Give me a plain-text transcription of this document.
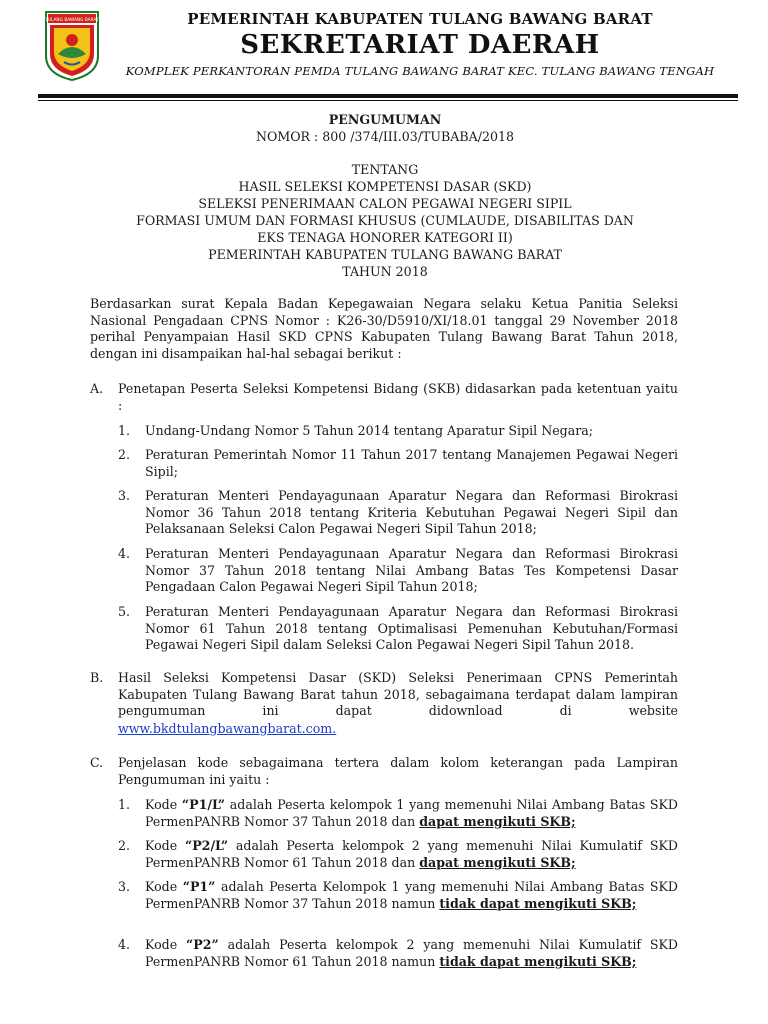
TULANG BAWANG BARAT	PEMERINTAH KABUPATEN TULANG BAWANG BARAT
SEKRETARIAT DAERAH
KOMPLEK PERKANTORAN PEMDA TULANG BAWANG BARAT KEC. TULANG BAWANG TENGAH
PENGUMUMAN
NOMOR : 800 /374/III.03/TUBABA/2018
TENTANG
HASIL SELEKSI KOMPETENSI DASAR (SKD)
SELEKSI PENERIMAAN CALON PEGAWAI NEGERI SIPIL
FORMASI UMUM DAN FORMASI KHUSUS (CUMLAUDE, DISABILITAS DAN
EKS TENAGA HONORER KATEGORI II)
PEMERINTAH KABUPATEN TULANG BAWANG BARAT
TAHUN 2018
Berdasarkan surat Kepala Badan Kepegawaian Negara selaku Ketua Panitia Seleksi Nasional Pengadaan CPNS Nomor : K26-30/D5910/XI/18.01 tanggal 29 November 2018 perihal Penyampaian Hasil SKD CPNS Kabupaten Tulang Bawang Barat Tahun 2018, dengan ini disampaikan hal-hal sebagai berikut :
A. Penetapan Peserta Seleksi Kompetensi Bidang (SKB) didasarkan pada ketentuan yaitu :
1. Undang-Undang Nomor 5 Tahun 2014 tentang Aparatur Sipil Negara;
2. Peraturan Pemerintah Nomor 11 Tahun 2017 tentang Manajemen Pegawai Negeri Sipil;
3. Peraturan Menteri Pendayagunaan Aparatur Negara dan Reformasi Birokrasi Nomor 36 Tahun 2018 tentang Kriteria Kebutuhan Pegawai Negeri Sipil dan Pelaksanaan Seleksi Calon Pegawai Negeri Sipil Tahun 2018;
4. Peraturan Menteri Pendayagunaan Aparatur Negara dan Reformasi Birokrasi Nomor 37 Tahun 2018 tentang Nilai Ambang Batas Tes Kompetensi Dasar Pengadaan Calon Pegawai Negeri Sipil Tahun 2018;
5. Peraturan Menteri Pendayagunaan Aparatur Negara dan Reformasi Birokrasi Nomor 61 Tahun 2018 tentang Optimalisasi Pemenuhan Kebutuhan/Formasi Pegawai Negeri Sipil dalam Seleksi Calon Pegawai Negeri Sipil Tahun 2018.
B. Hasil Seleksi Kompetensi Dasar (SKD) Seleksi Penerimaan CPNS Pemerintah Kabupaten Tulang Bawang Barat tahun 2018, sebagaimana terdapat dalam lampiran pengumuman ini dapat didownload di website
www.bkdtulangbawangbarat.com.
C. Penjelasan kode sebagaimana tertera dalam kolom keterangan pada Lampiran Pengumuman ini yaitu :
1. Kode “P1/L” adalah Peserta kelompok 1 yang memenuhi Nilai Ambang Batas SKD PermenPANRB Nomor 37 Tahun 2018 dan dapat mengikuti SKB;
2. Kode “P2/L” adalah Peserta kelompok 2 yang memenuhi Nilai Kumulatif SKD PermenPANRB Nomor 61 Tahun 2018 dan dapat mengikuti SKB;
3. Kode “P1” adalah Peserta Kelompok 1 yang memenuhi Nilai Ambang Batas SKD PermenPANRB Nomor 37 Tahun 2018 namun tidak dapat mengikuti SKB;
4. Kode “P2” adalah Peserta kelompok 2 yang memenuhi Nilai Kumulatif SKD PermenPANRB Nomor 61 Tahun 2018 namun tidak dapat mengikuti SKB;
